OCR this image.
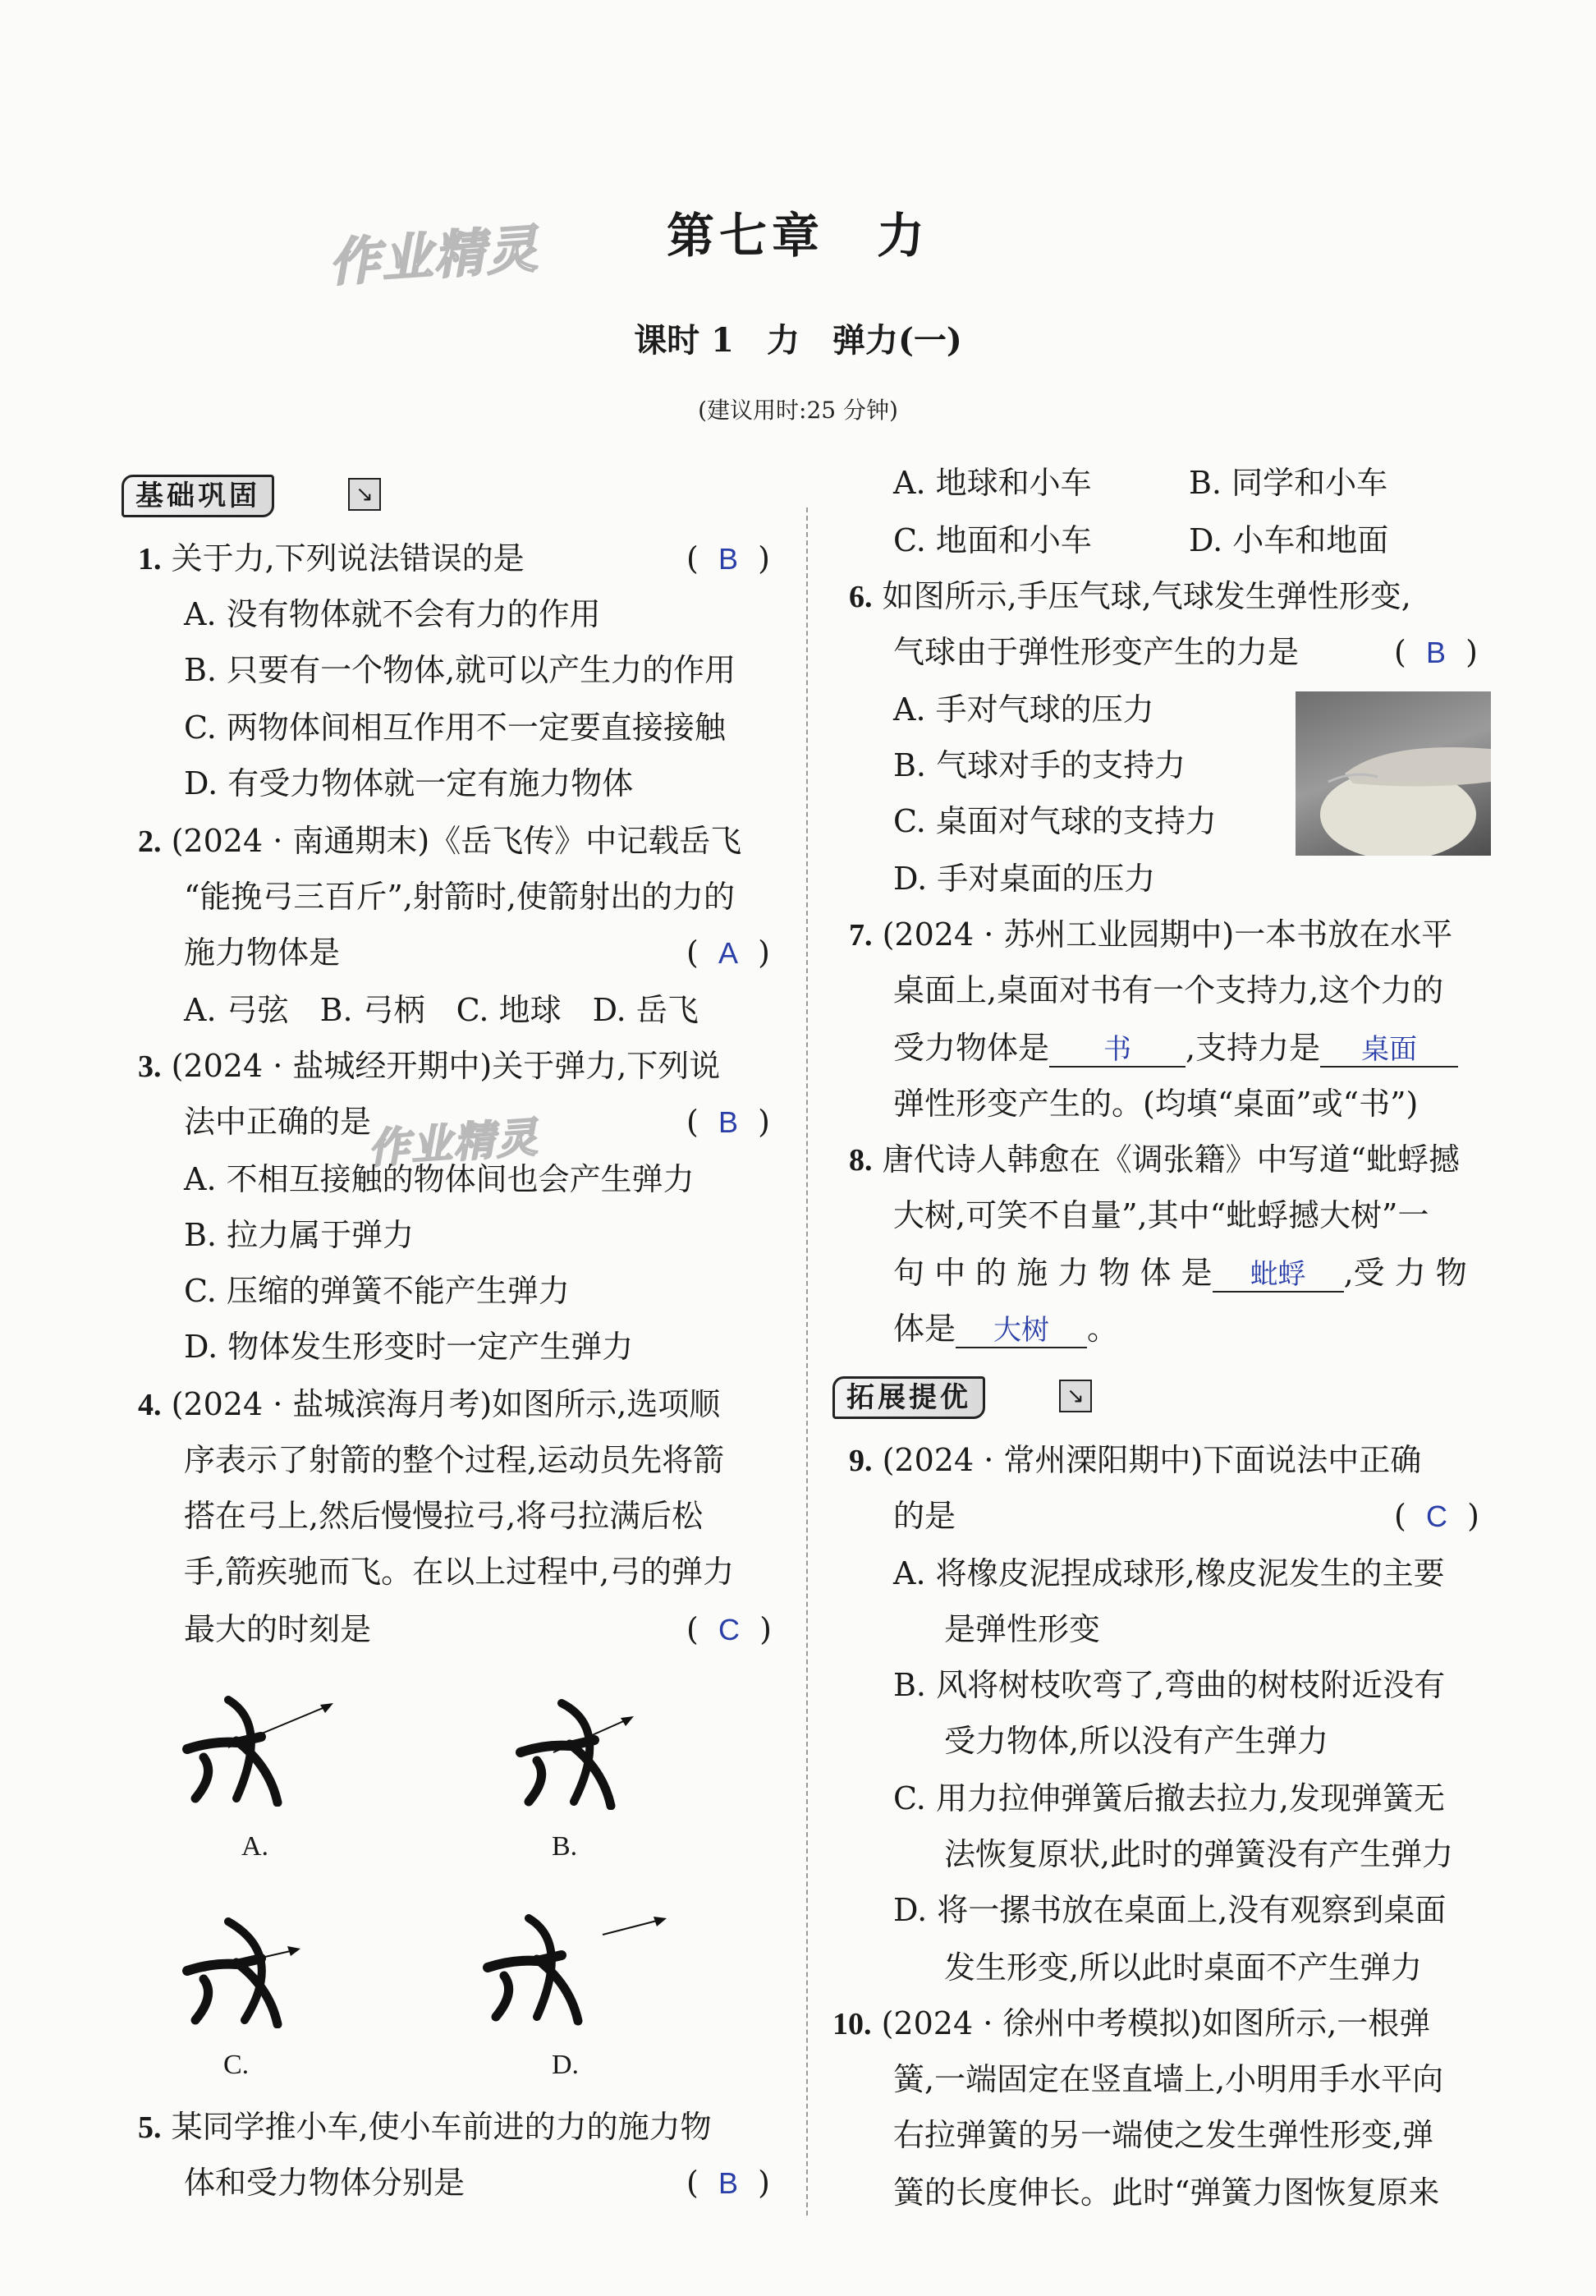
作业精灵
作业精灵
第七章　力
课时 1　力　弹力(一)
(建议用时:25 分钟)
基础巩固	↘
1. 关于力,下列说法错误的是	(  B  )
A. 没有物体就不会有力的作用
B. 只要有一个物体,就可以产生力的作用
C. 两物体间相互作用不一定要直接接触
D. 有受力物体就一定有施力物体
2. (2024 · 南通期末)《岳飞传》中记载岳飞
“能挽弓三百斤”,射箭时,使箭射出的力的
施力物体是	(  A  )
A. 弓弦　B. 弓柄　C. 地球　D. 岳飞
3. (2024 · 盐城经开期中)关于弹力,下列说
法中正确的是	(  B  )
A. 不相互接触的物体间也会产生弹力
B. 拉力属于弹力
C. 压缩的弹簧不能产生弹力
D. 物体发生形变时一定产生弹力
4. (2024 · 盐城滨海月考)如图所示,选项顺
序表示了射箭的整个过程,运动员先将箭
搭在弓上,然后慢慢拉弓,将弓拉满后松
手,箭疾驰而飞。在以上过程中,弓的弹力
最大的时刻是	(  C  )
A.	B.
C.	D.
5. 某同学推小车,使小车前进的力的施力物
体和受力物体分别是	(  B  )
A. 地球和小车	B. 同学和小车
C. 地面和小车	D. 小车和地面
6. 如图所示,手压气球,气球发生弹性形变,
气球由于弹性形变产生的力是	(  B  )
A. 手对气球的压力
B. 气球对手的支持力
C. 桌面对气球的支持力
D. 手对桌面的压力
7. (2024 · 苏州工业园期中)一本书放在水平
桌面上,桌面对书有一个支持力,这个力的
受力物体是 书 ,支持力是 桌面
弹性形变产生的。(均填“桌面”或“书”)
8. 唐代诗人韩愈在《调张籍》中写道“蚍蜉撼
大树,可笑不自量”,其中“蚍蜉撼大树”一
句 中 的 施 力 物 体 是 蚍蜉 ,受 力 物
体是 大树 。
拓展提优	↘
9. (2024 · 常州溧阳期中)下面说法中正确
的是	(  C  )
A. 将橡皮泥捏成球形,橡皮泥发生的主要
是弹性形变
B. 风将树枝吹弯了,弯曲的树枝附近没有
受力物体,所以没有产生弹力
C. 用力拉伸弹簧后撤去拉力,发现弹簧无
法恢复原状,此时的弹簧没有产生弹力
D. 将一摞书放在桌面上,没有观察到桌面
发生形变,所以此时桌面不产生弹力
10. (2024 · 徐州中考模拟)如图所示,一根弹
簧,一端固定在竖直墙上,小明用手水平向
右拉弹簧的另一端使之发生弹性形变,弹
簧的长度伸长。此时“弹簧力图恢复原来
